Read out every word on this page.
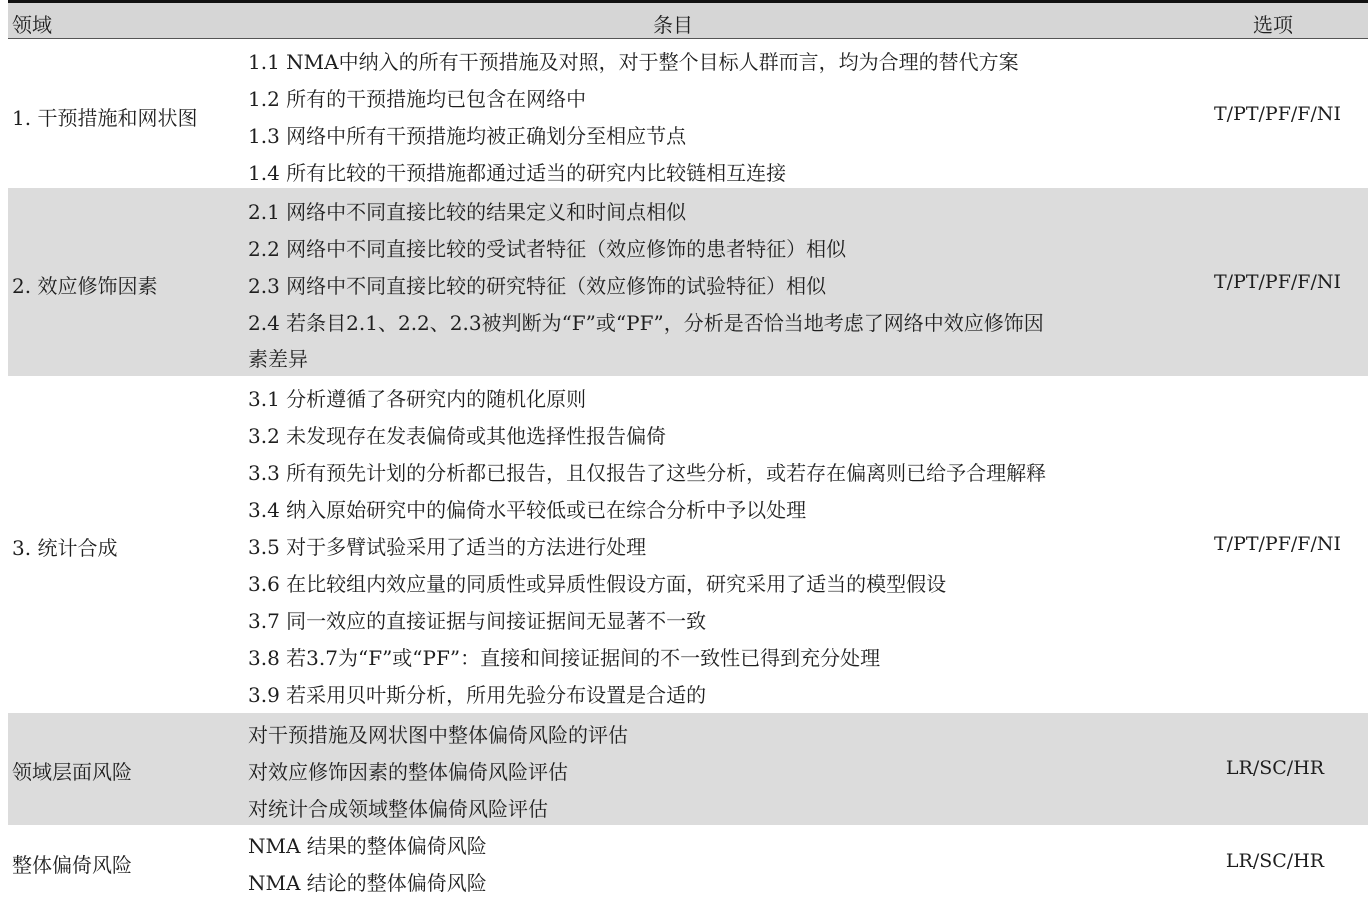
领域	条目	选项
1. 干预措施和网状图
1.1 NMA中纳入的所有干预措施及对照，对于整个目标人群而言，均为合理的替代方案
1.2 所有的干预措施均已包含在网络中
1.3 网络中所有干预措施均被正确划分至相应节点
1.4 所有比较的干预措施都通过适当的研究内比较链相互连接
T/PT/PF/F/NI
2. 效应修饰因素
2.1 网络中不同直接比较的结果定义和时间点相似
2.2 网络中不同直接比较的受试者特征（效应修饰的患者特征）相似
2.3 网络中不同直接比较的研究特征（效应修饰的试验特征）相似
2.4 若条目2.1、2.2、2.3被判断为“F”或“PF”，分析是否恰当地考虑了网络中效应修饰因
素差异
T/PT/PF/F/NI
3. 统计合成
3.1 分析遵循了各研究内的随机化原则
3.2 未发现存在发表偏倚或其他选择性报告偏倚
3.3 所有预先计划的分析都已报告，且仅报告了这些分析，或若存在偏离则已给予合理解释
3.4 纳入原始研究中的偏倚水平较低或已在综合分析中予以处理
3.5 对于多臂试验采用了适当的方法进行处理
3.6 在比较组内效应量的同质性或异质性假设方面，研究采用了适当的模型假设
3.7 同一效应的直接证据与间接证据间无显著不一致
3.8 若3.7为“F”或“PF”：直接和间接证据间的不一致性已得到充分处理
3.9 若采用贝叶斯分析，所用先验分布设置是合适的
T/PT/PF/F/NI
领域层面风险
对干预措施及网状图中整体偏倚风险的评估
对效应修饰因素的整体偏倚风险评估
对统计合成领域整体偏倚风险评估
LR/SC/HR
整体偏倚风险
NMA 结果的整体偏倚风险
NMA 结论的整体偏倚风险
LR/SC/HR
